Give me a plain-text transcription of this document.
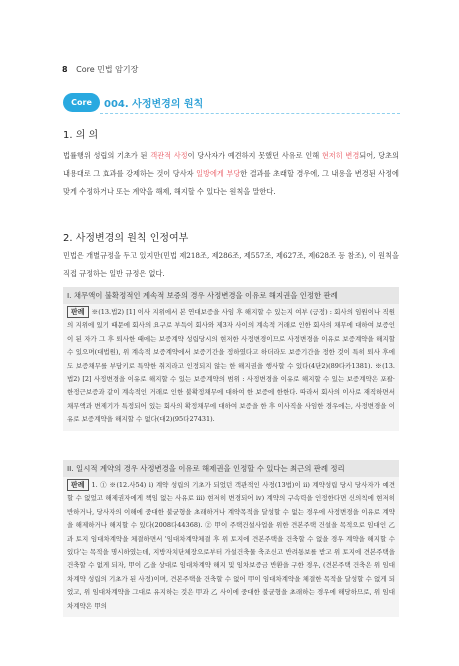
8 Core 민법 암기장
Core	004. 사정변경의 원칙
1. 의 의
법률행위 성립의 기초가 된 객관적 사정이 당사자가 예견하지 못했던 사유로 인해 현저히 변경되어, 당초의 내용대로 그 효과를 강제하는 것이 당사자 일방에게 부당한 결과를 초래할 경우에, 그 내용을 변경된 사정에 맞게 수정하거나 또는 계약을 해제, 해지할 수 있다는 원칙을 말한다.
2. 사정변경의 원칙 인정여부
민법은 개별규정을 두고 있지만(민법 제218조, 제286조, 제557조, 제627조, 제628조 등 참조), 이 원칙을 직접 규정하는 일반 규정은 없다.
I. 채무액이 불확정적인 계속적 보증의 경우 사정변경을 이유로 해지권을 인정한 판례
판례 ※(13.법2) [1] 이사 지위에서 본 연대보증을 사임 후 해지할 수 있는지 여부 (긍정) : 회사의 임원이나 직원의 지위에 있기 때문에 회사의 요구로 부득이 회사와 제3자 사이의 계속적 거래로 인한 회사의 채무에 대하여 보증인이 된 자가 그 후 퇴사한 때에는 보증계약 성립당시의 현저한 사정변경이므로 사정변경을 이유로 보증계약을 해지할 수 있으며(대법원), 위 계속적 보증계약에서 보증기간을 정하였다고 하더라도 보증기간을 정한 것이 특히 퇴사 후에도 보증채무를 부담키로 특약한 취지라고 인정되지 않는 한 해지권을 행사할 수 있다(4단2)(89다카1381). ※(13.법2) [2] 사정변경을 이유로 해지할 수 있는 보증계약의 범위 : 사정변경을 이유로 해지할 수 있는 보증계약은 포괄·한정근보증과 같이 계속적인 거래로 인한 불확정채무에 대하여 한 보증에 한한다. 따라서 회사의 이사로 재직하면서 채무액과 변제기가 특정되어 있는 회사의 확정채무에 대하여 보증을 한 후 이사직을 사임한 경우에는, 사정변경을 이유로 보증계약을 해지할 수 없다(대2)(95다27431).
II. 일시적 계약의 경우 사정변경을 이유로 해제권을 인정할 수 있다는 최근의 판례 정리
판례 1. ① ※(12.사54) i) 계약 성립의 기초가 되었던 객관적인 사정(13법)이 ii) 계약성립 당시 당사자가 예견할 수 없었고 해제권자에게 책임 없는 사유로 iii) 현저히 변경되어 iv) 계약의 구속력을 인정한다면 신의칙에 현저히 반하거나, 당사자의 이해에 중대한 불균형을 초래하거나 계약목적을 달성할 수 없는 경우에 사정변경을 이유로 계약을 해제하거나 해지할 수 있다(2008다44368). ② 甲이 주택건설사업을 위한 견본주택 건설을 목적으로 임대인 乙과 토지 임대차계약을 체결하면서 '임대차계약체결 후 위 토지에 견본주택을 건축할 수 없을 경우 계약을 해지할 수 있다'는 목적을 명시하였는데, 지방자치단체장으로부터 가설건축물 축조신고 반려통보를 받고 위 토지에 견본주택을 건축할 수 없게 되자, 甲이 乙을 상대로 임대차계약 해지 및 임차보증금 반환을 구한 경우, (견본주택 건축은 위 임대차계약 성립의 기초가 된 사정)이며, 견본주택을 건축할 수 없어 甲이 임대차계약을 체결한 목적을 달성할 수 없게 되었고, 위 임대차계약을 그대로 유지하는 것은 甲과 乙 사이에 중대한 불균형을 초래하는 경우에 해당하므로, 위 임대차계약은 甲의
